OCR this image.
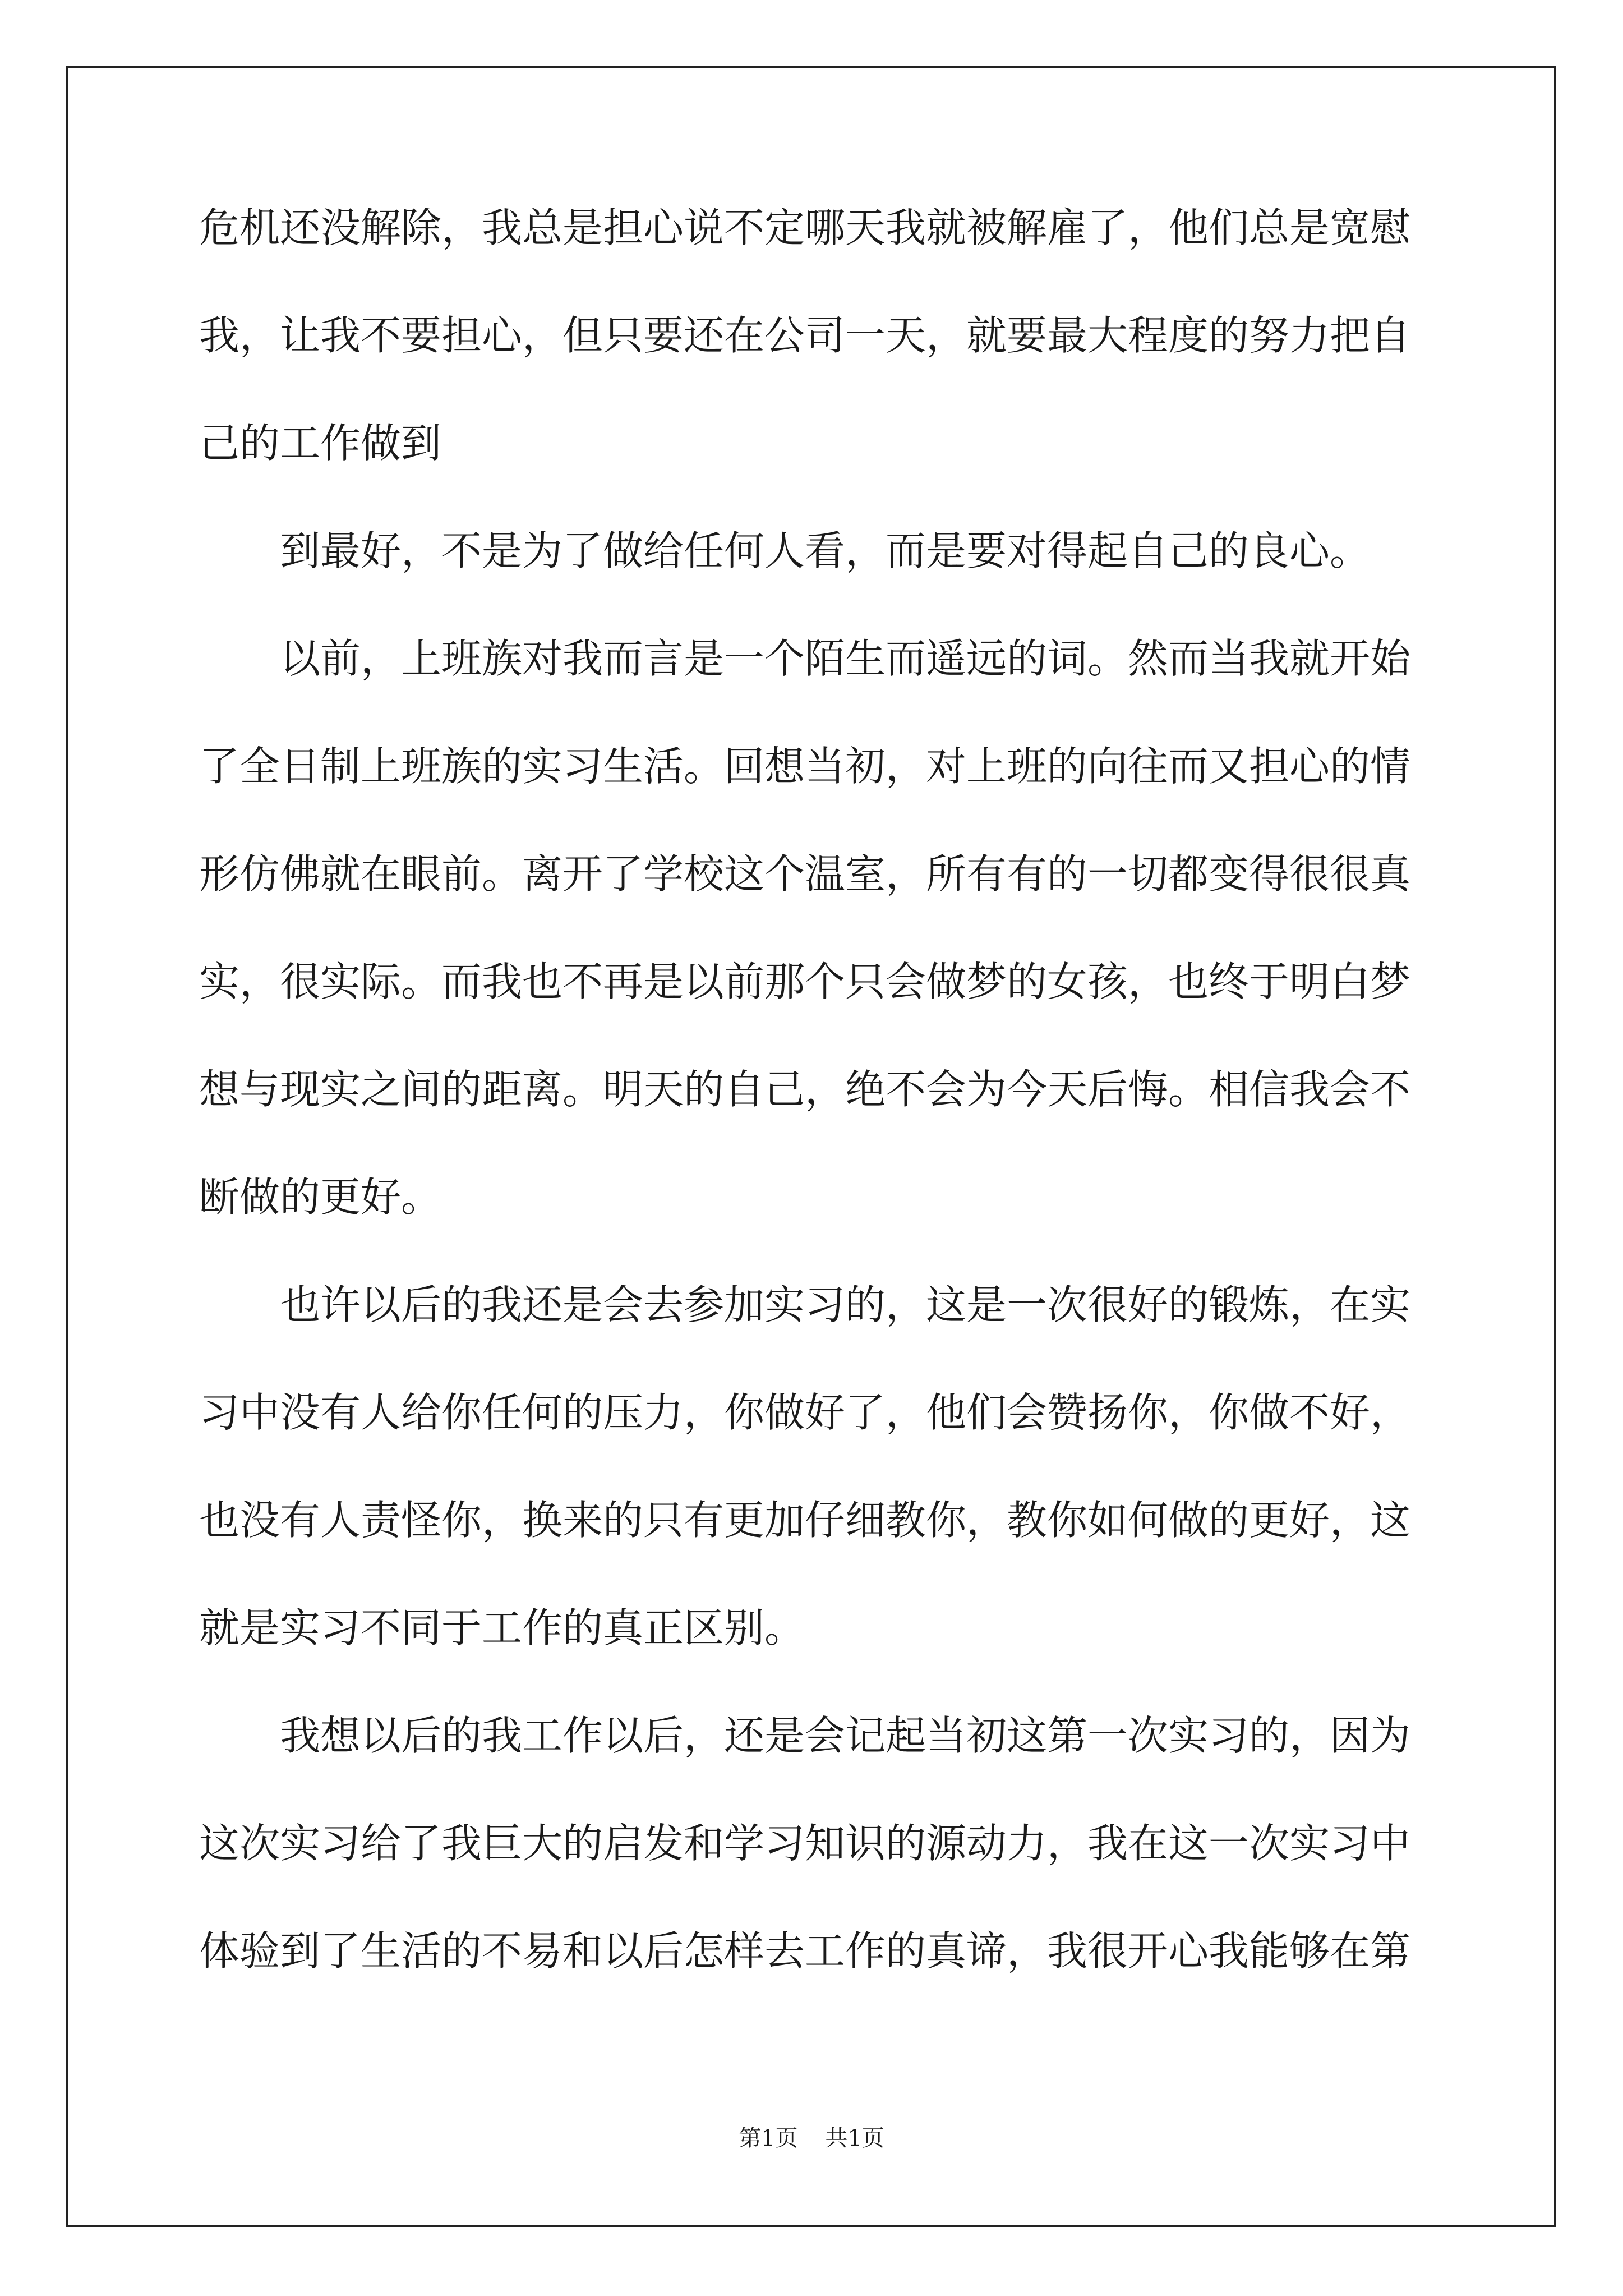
危机还没解除，我总是担心说不定哪天我就被解雇了，他们总是宽慰
我，让我不要担心，但只要还在公司一天，就要最大程度的努力把自
己的工作做到
到最好，不是为了做给任何人看，而是要对得起自己的良心。
以前，上班族对我而言是一个陌生而遥远的词。然而当我就开始
了全日制上班族的实习生活。回想当初，对上班的向往而又担心的情
形仿佛就在眼前。离开了学校这个温室，所有有的一切都变得很很真
实，很实际。而我也不再是以前那个只会做梦的女孩，也终于明白梦
想与现实之间的距离。明天的自己，绝不会为今天后悔。相信我会不
断做的更好。
也许以后的我还是会去参加实习的，这是一次很好的锻炼，在实
习中没有人给你任何的压力，你做好了，他们会赞扬你，你做不好，
也没有人责怪你，换来的只有更加仔细教你，教你如何做的更好，这
就是实习不同于工作的真正区别。
我想以后的我工作以后，还是会记起当初这第一次实习的，因为
这次实习给了我巨大的启发和学习知识的源动力，我在这一次实习中
体验到了生活的不易和以后怎样去工作的真谛，我很开心我能够在第
第1页 共1页
